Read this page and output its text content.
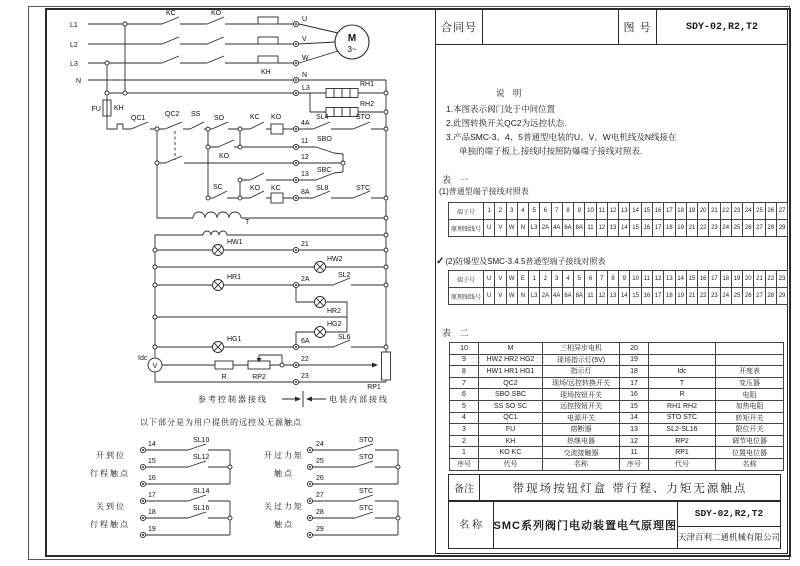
L1
L2
L3
N
KC	KO
KH
U
V
W
N
L3
M
3~
RH1
RH2
FU KH
QC1
QC2 SS
SO	KC KO
4A
SL4	STO
KO
11 SBO
12
13
SBC
SC	KO KC
8A
SL8	STC
T
HW1	21
HW2
HR1	2A
SL2
HR2
HG2
HG1	6A
SL6
Idc
V
R	RP2
22
23
RP1
参考控制器接线	电装内部接线
以下部分是为用户提供的远控及无源触点
开到位
行程触点
14
SL10
15
SL12
16
关到位
行程触点
17
SL14
18
SL16
19
开过力矩
触点
24
STO
25
STO
26
关过力矩
触点
27
STC
28
STC
29
合同号	图 号	SDY-02,R2,T2
说 明
1.本图表示阀门处于中间位置
2.此图转换开关QC2为远控状态.
3.产品SMC-3、4、5普通型电装的U、V、W电机线及N线接在
单独的端子板上.接线时按照防爆端子接线对照表.
表 一
(1)普通型端子接线对照表
端子号	1	2	3	4	5	6	7	8	9	10 11 12 13 14 15 16 17 18 19 20 21 22 23 24 25 26 27
原理图线号 U	V	W	N L3 2A 4A 6A 8A 11 12 13 14 15 16 17 18 19 21 22 23 24 25 26 27 28 29
✓(2)防爆型及SMC-3.4.5普通型端子接线对照表
端子号	U	V	W	E	1	2	3	4	5	6	7	8	9	10 11 12 13 14 15 16 17 18 19 20 21 22 23
原理图线号 U	V	W	N L3 2A 4A 6A 8A 11 12 13 14 15 16 17 18 19 21 22 23 24 25 26 27 28 29
表 二
10	M	三相异步电机	20
9	HW2 HR2 HG2	现场指示灯(5V)	19
8	HW1 HR1 HG1	指示灯	18	Idc	开度表
7	QC2	现场/远控转换开关	17	T	变压器
6	SBO SBC	现场按钮开关	16	R	电阻
5	SS SO SC	远控按钮开关	15	RH1 RH2	加热电阻
4	QC1	电源开关	14	STO STC	转矩开关
3	FU	熔断器	13	SL2-SL16	限位开关
2	KH	热继电器	12	RP2	调节电位器
1	KO KC	交流接触器	11	RP1	位置电位器
序号	代号	名称	序号	代号	名称
备注	带现场按钮灯盒 带行程、力矩无源触点
名 称	SMC系列阀门电动装置电气原理图
SDY-02,R2,T2
天津百利二通机械有限公司
